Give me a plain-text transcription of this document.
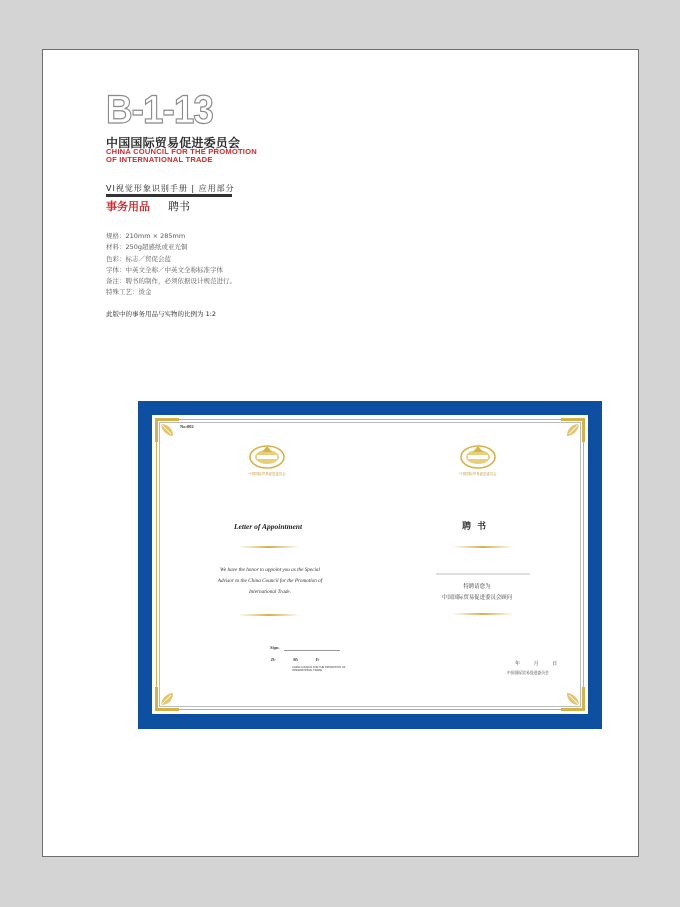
B-1-13
中国国际贸易促进委员会
CHINA COUNCIL FOR THE PROMOTION
OF INTERNATIONAL TRADE
VI视觉形象识别手册 | 应用部分
事务用品 聘书
规格：210mm × 285mm
材料：250g超感纸或亚光铜
色彩：标志／贸促会蓝
字体：中英文全称／中英文全称标准字体
备注：聘书的制作，必须依据设计规范进行。
特殊工艺：烫金
此版中的事务用品与实物的比例为 1:2
No:002
中国国际贸易促进委员会	中国国际贸易促进委员会
Letter of Appointment	聘书
We have the honor to appoint you as the Special
Advisor to the China Council for the Promotion of
International Trade.
特聘请您为
中国国际贸易促进委员会顾问
Sign.
D:	M:	Y:
CHINA COUNCIL FOR THE PROMOTION OF INTERNATIONAL TRADE
年 月 日
中国国际贸易促进委员会
